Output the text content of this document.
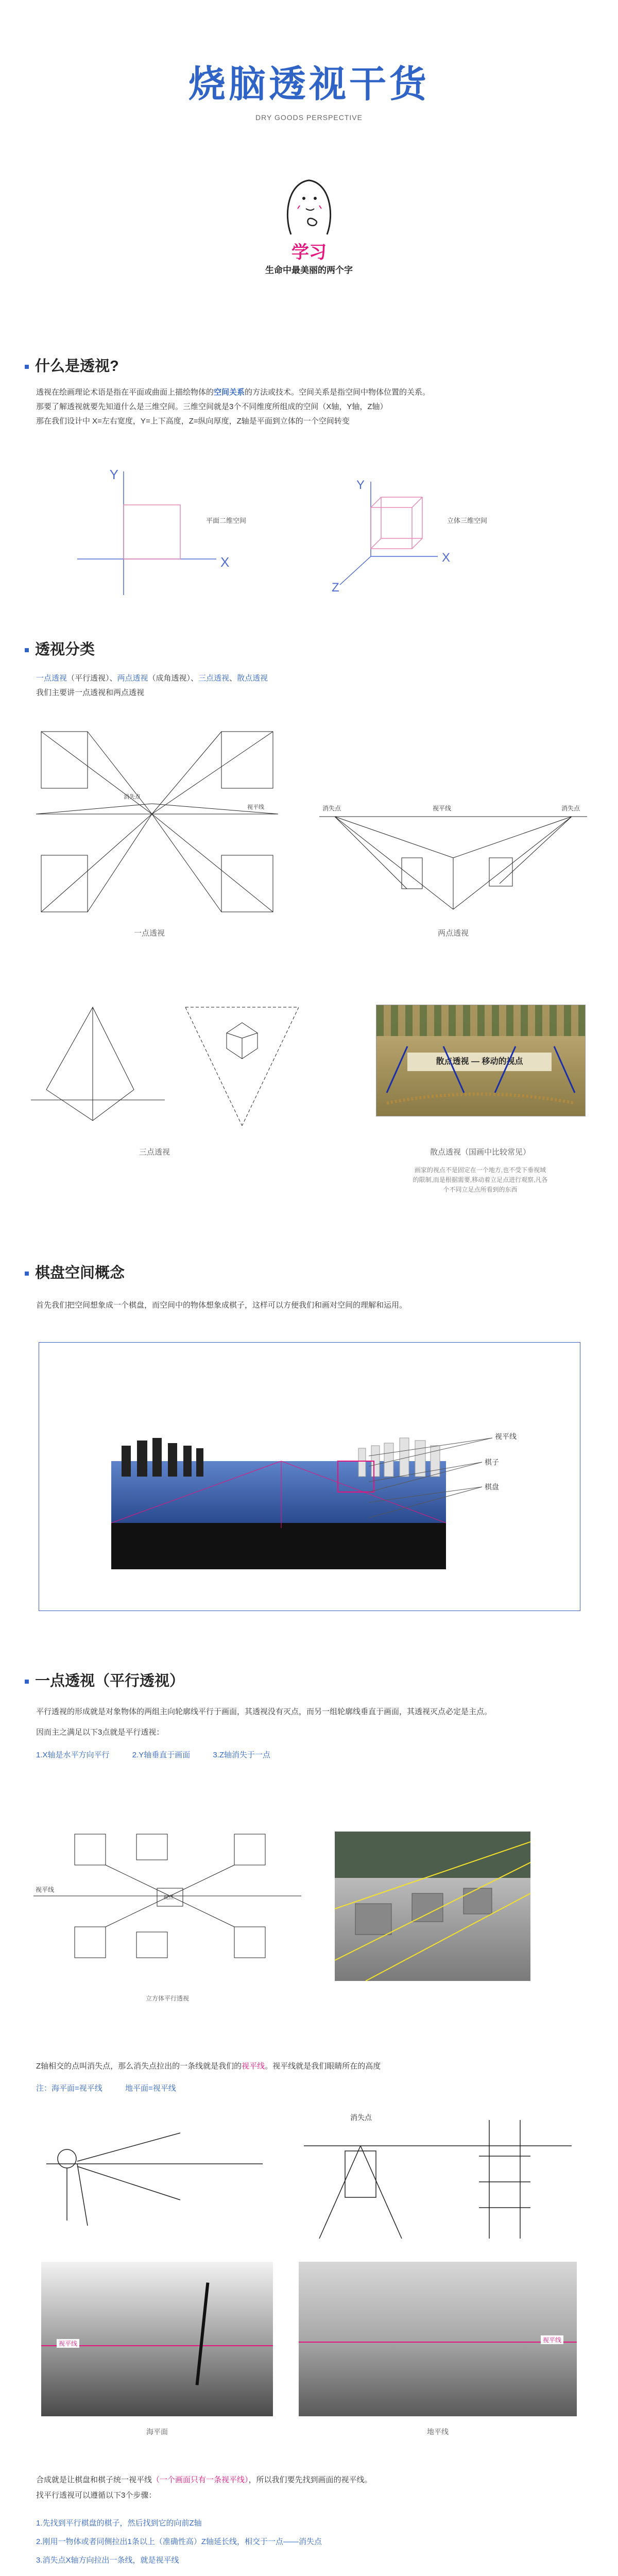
烧脑透视干货
DRY GOODS PERSPECTIVE
学习
生命中最美丽的两个字
什么是透视?
透视在绘画理论术语是指在平面或曲面上描绘物体的空间关系的方法或技术。空间关系是指空间中物体位置的关系。
那要了解透视就要先知道什么是三维空间。三维空间就是3个不同维度所组成的空间（X轴，Y轴，Z轴）
那在我们设计中 X=左右宽度，Y=上下高度，Z=纵向厚度，Z轴是平面到立体的一个空间转变
Y
X
平面二维空间
Y
X
Z
立体三维空间
透视分类
一点透视（平行透视）、两点透视（成角透视）、三点透视、散点透视
我们主要讲一点透视和两点透视
消失点
视平线
一点透视
消失点	视平线	消失点
两点透视
三点透视
散点透视 — 移动的视点
散点透视（国画中比较常见）
画家的视点不是固定在一个地方,也不受下垂视域的限制,而是根据需要,移动着立足点进行观察,凡各个不同立足点所看到的东西
棋盘空间概念
首先我们把空间想象成一个棋盘，而空间中的物体想象成棋子，这样可以方便我们和画对空间的理解和运用。
视平线
棋子
棋盘
一点透视（平行透视）
平行透视的形成就是对象物体的两组主向轮廓线平行于画面，其透视没有灭点，而另一组轮廓线垂直于画面，其透视灭点必定是主点。
因而主之满足以下3点就是平行透视：
1.X轴是水平方向平行	2.Y轴垂直于画面	3.Z轴消失于一点
视平线
视点
立方体平行透视
Z轴相交的点叫消失点，那么消失点拉出的一条线就是我们的视平线。视平线就是我们眼睛所在的高度
注：海平面=视平线	地平面=视平线
消失点
视平线
海平面
视平线
地平线
合成就是让棋盘和棋子统一视平线（一个画面只有一条视平线），所以我们要先找到画面的视平线。
找平行透视可以遵循以下3个步骤：
1.先找到平行棋盘的棋子，然后找到它的向前Z轴
2.刚用一物体或者同侧拉出1条以上（准确性高）Z轴延长线，相交于一点——消失点
3.消失点X轴方向拉出一条线，就是视平线
